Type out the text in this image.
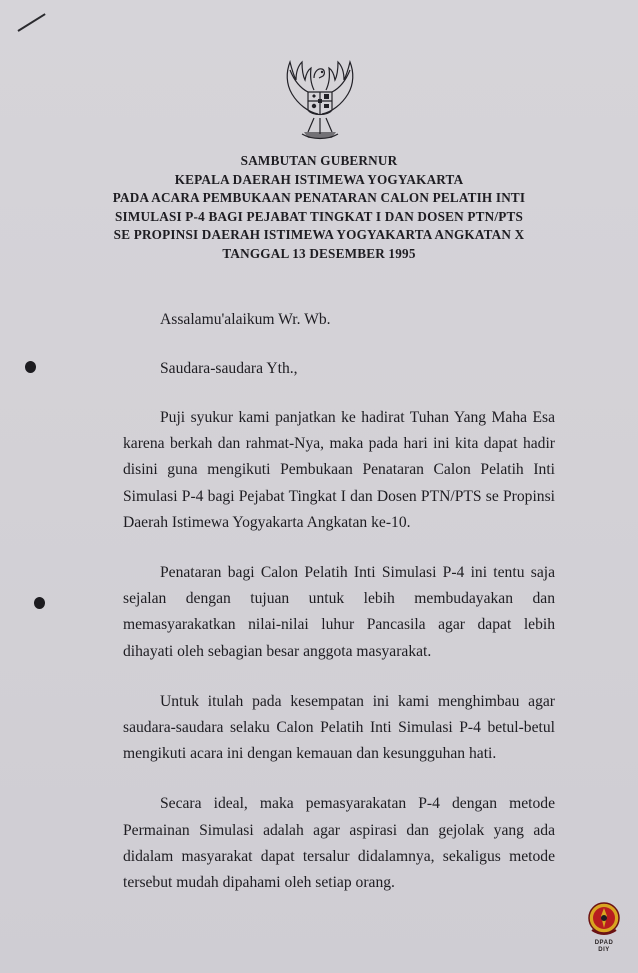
SAMBUTAN GUBERNUR
KEPALA DAERAH ISTIMEWA YOGYAKARTA
PADA ACARA PEMBUKAAN PENATARAN CALON PELATIH INTI
SIMULASI P-4 BAGI PEJABAT TINGKAT I DAN DOSEN PTN/PTS
SE PROPINSI DAERAH ISTIMEWA YOGYAKARTA ANGKATAN X
TANGGAL 13 DESEMBER 1995

Assalamu'alaikum Wr. Wb.

Saudara-saudara Yth.,

Puji syukur kami panjatkan ke hadirat Tuhan Yang Maha Esa karena berkah dan rahmat-Nya, maka pada hari ini kita dapat hadir disini guna mengikuti Pembukaan Penataran Calon Pelatih Inti Simulasi P-4 bagi Pejabat Tingkat I dan Dosen PTN/PTS se Propinsi Daerah Istimewa Yogyakarta Angkatan ke-10.

Penataran bagi Calon Pelatih Inti Simulasi P-4 ini tentu saja sejalan dengan tujuan untuk lebih membudayakan dan memasyarakatkan nilai-nilai luhur Pancasila agar dapat lebih dihayati oleh sebagian besar anggota masyarakat.

Untuk itulah pada kesempatan ini kami menghimbau agar saudara-saudara selaku Calon Pelatih Inti Simulasi P-4 betul-betul mengikuti acara ini dengan kemauan dan kesungguhan hati.

Secara ideal, maka pemasyarakatan P-4 dengan metode Permainan Simulasi adalah agar aspirasi dan gejolak yang ada didalam masyarakat dapat tersalur didalamnya, sekaligus metode tersebut mudah dipahami oleh setiap orang.

DPAD
DIY
